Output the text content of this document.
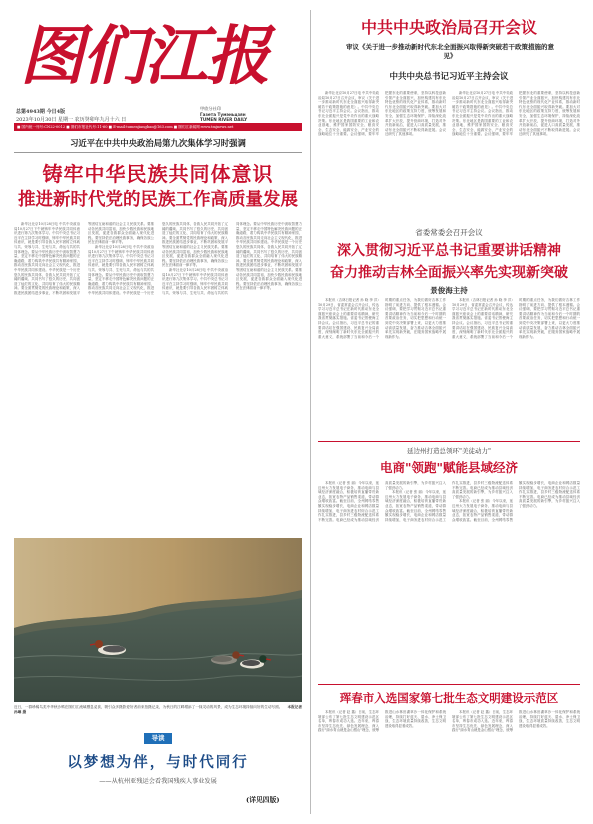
图们江报
总第4943期 今日4版
2023年10月30日 星期一 农历癸卯年九月十六 日
甲欣分社印
Газета Тумэньцзян
TUMEN RIVER DAILY
■ 国内统一刊号:CN22-0012 ■ 图们市报社代号:11-60 ■ E-mail:tumenjiangbao@163.com ■ 图们江新闻网:www.tmjnews.net
习近平在中共中央政治局第九次集体学习时强调
铸牢中华民族共同体意识
推进新时代党的民族工作高质量发展

新华社北京10月28日电 中共中央政治局10月27日下午就铸牢中华民族共同体意识进行第九次集体学习。中共中央总书记习近平在主持学习时强调，铸牢中华民族共同体意识，就是要引导各族人民牢固树立休戚与共、荣辱与共、生死与共、命运与共的共同体理念。要从中华民族历史中汲取智慧力量，坚定不移走中国特色解决民族问题的正确道路，着力构筑中华民族共有精神家园，推动各民族共同走向社会主义现代化，推进中华民族共同体建设。中华民族是一个历史悠久的民族共同体，各族人民共同开拓了辽阔的疆域、共同书写了悠久的历史、共同创造了灿烂的文化、共同培育了伟大的民族精神。要全面贯彻党的民族理论和政策，深入推进民族团结进步事业，不断巩固和发展平等团结互助和谐的社会主义民族关系。要推动各民族共同富裕，加快少数民族和民族地区发展，促进各族群众全面融入现代化进程。要坚持依法治理民族事务，确保各族公民在法律面前一律平等。

新华社北京10月28日电 中共中央政治局10月27日下午就铸牢中华民族共同体意识进行第九次集体学习。中共中央总书记习近平在主持学习时强调，铸牢中华民族共同体意识，就是要引导各族人民牢固树立休戚与共、荣辱与共、生死与共、命运与共的共同体理念。要从中华民族历史中汲取智慧力量，坚定不移走中国特色解决民族问题的正确道路，着力构筑中华民族共有精神家园，推动各民族共同走向社会主义现代化，推进中华民族共同体建设。中华民族是一个历史悠久的民族共同体，各族人民共同开拓了辽阔的疆域、共同书写了悠久的历史、共同创造了灿烂的文化、共同培育了伟大的民族精神。要全面贯彻党的民族理论和政策，深入推进民族团结进步事业，不断巩固和发展平等团结互助和谐的社会主义民族关系。要推动各民族共同富裕，加快少数民族和民族地区发展，促进各族群众全面融入现代化进程。要坚持依法治理民族事务，确保各族公民在法律面前一律平等。

新华社北京10月28日电 中共中央政治局10月27日下午就铸牢中华民族共同体意识进行第九次集体学习。中共中央总书记习近平在主持学习时强调，铸牢中华民族共同体意识，就是要引导各族人民牢固树立休戚与共、荣辱与共、生死与共、命运与共的共同体理念。要从中华民族历史中汲取智慧力量，坚定不移走中国特色解决民族问题的正确道路，着力构筑中华民族共有精神家园，推动各民族共同走向社会主义现代化，推进中华民族共同体建设。中华民族是一个历史悠久的民族共同体，各族人民共同开拓了辽阔的疆域、共同书写了悠久的历史、共同创造了灿烂的文化、共同培育了伟大的民族精神。要全面贯彻党的民族理论和政策，深入推进民族团结进步事业，不断巩固和发展平等团结互助和谐的社会主义民族关系。要推动各民族共同富裕，加快少数民族和民族地区发展，促进各族群众全面融入现代化进程。要坚持依法治理民族事务，确保各族公民在法律面前一律平等。

近日，一群珍稀鸟类中华秋沙鸭在图们江流域栖息觅食，吸引众多摄影爱好者前来拍摄记录，为秋日的江畔增添了一抹灵动的风景，成为生态环境持续向好的生动写照。 本报记者 孙琳 摄
导读
以梦想为伴，与时代同行
——从杭州亚残运会看我国残疾人事业发展
(详见四版)
中共中央政治局召开会议
审议《关于进一步推动新时代东北全面振兴取得新突破若干政策措施的意见》
中共中央总书记习近平主持会议

新华社北京10月27日电 中共中央政治局10月27日召开会议，审议《关于进一步推动新时代东北全面振兴取得新突破若干政策措施的意见》。中共中央总书记习近平主持会议。会议指出，推动东北全面振兴是党中央作出的重大战略决策。东北地区是我国重要的工业和农业基地，维护国家国防安全、粮食安全、生态安全、能源安全、产业安全的战略地位十分重要。会议强调，要牢牢把握东北的重要使命，坚持以科技创新引领产业全面振兴，加快构建具有东北特色优势的现代化产业体系，推动新时代东北全面振兴取得新突破。要加大对东北地区的政策支持力度，统筹发展和安全，加强生态环境保护，持续深化改革扩大开放，提升营商环境，打造对外开放新前沿，促进人口高质量发展，推动东北全面振兴不断取得新进展。会议还研究了其他事项。

新华社北京10月27日电 中共中央政治局10月27日召开会议，审议《关于进一步推动新时代东北全面振兴取得新突破若干政策措施的意见》。中共中央总书记习近平主持会议。会议指出，推动东北全面振兴是党中央作出的重大战略决策。东北地区是我国重要的工业和农业基地，维护国家国防安全、粮食安全、生态安全、能源安全、产业安全的战略地位十分重要。会议强调，要牢牢把握东北的重要使命，坚持以科技创新引领产业全面振兴，加快构建具有东北特色优势的现代化产业体系，推动新时代东北全面振兴取得新突破。要加大对东北地区的政策支持力度，统筹发展和安全，加强生态环境保护，持续深化改革扩大开放，提升营商环境，打造对外开放新前沿，促进人口高质量发展，推动东北全面振兴不断取得新进展。会议还研究了其他事项。

省委常委会召开会议
深入贯彻习近平总书记重要讲话精神
奋力推动吉林全面振兴率先实现新突破
景俊海主持

本报讯（吉林日报记者 孙 晓 李 洋）10月29日，省委常委会召开会议，传达学习习近平总书记在新时代推动东北全面振兴座谈会上的重要讲话精神，研究我省贯彻落实措施。省委书记景俊海主持会议。会议指出，习近平总书记的重要讲话站在强国建设、民族复兴全局高度，深刻阐明了新时代东北全面振兴的重大意义，系统部署了当前和今后一个时期的重点任务，为我们做好吉林工作指明了前进方向、提供了根本遵循。会议强调，要把学习贯彻习近平总书记重要讲话精神作为当前和今后一个时期的首要政治任务，切实把思想和行动统一到党中央决策部署上来，以更大力度推动高质量发展，奋力推动吉林全面振兴率先实现新突破，在服务国家战略中展现新作为。

本报讯（吉林日报记者 孙 晓 李 洋）10月29日，省委常委会召开会议，传达学习习近平总书记在新时代推动东北全面振兴座谈会上的重要讲话精神，研究我省贯彻落实措施。省委书记景俊海主持会议。会议指出，习近平总书记的重要讲话站在强国建设、民族复兴全局高度，深刻阐明了新时代东北全面振兴的重大意义，系统部署了当前和今后一个时期的重点任务，为我们做好吉林工作指明了前进方向、提供了根本遵循。会议强调，要把学习贯彻习近平总书记重要讲话精神作为当前和今后一个时期的首要政治任务，切实把思想和行动统一到党中央决策部署上来，以更大力度推动高质量发展，奋力推动吉林全面振兴率先实现新突破，在服务国家战略中展现新作为。

延边州打造总领环"美徒动力"
电商"领跑"赋能县域经济

本报讯（记者 张 丽）今年以来，延边州大力发展电子商务，推动电商与县域经济深度融合，积极培育直播带货新业态，拓宽农特产品销售渠道，带动群众增收致富。截至目前，全州网络零售额实现稳步增长，电商企业和网店数量持续增加，电子商务进农村综合示范工作扎实推进，县乡村三级物流配送体系不断完善。电商已经成为推动县域经济高质量发展的新引擎，为乡村振兴注入了强劲动力。

本报讯（记者 张 丽）今年以来，延边州大力发展电子商务，推动电商与县域经济深度融合，积极培育直播带货新业态，拓宽农特产品销售渠道，带动群众增收致富。截至目前，全州网络零售额实现稳步增长，电商企业和网店数量持续增加，电子商务进农村综合示范工作扎实推进，县乡村三级物流配送体系不断完善。电商已经成为推动县域经济高质量发展的新引擎，为乡村振兴注入了强劲动力。

本报讯（记者 张 丽）今年以来，延边州大力发展电子商务，推动电商与县域经济深度融合，积极培育直播带货新业态，拓宽农特产品销售渠道，带动群众增收致富。截至目前，全州网络零售额实现稳步增长，电商企业和网店数量持续增加，电子商务进农村综合示范工作扎实推进，县乡村三级物流配送体系不断完善。电商已经成为推动县域经济高质量发展的新引擎，为乡村振兴注入了强劲动力。

珲春市入选国家第七批生态文明建设示范区

本报讯（记者 赵 鑫）日前，生态环境部公布了第七批生态文明建设示范区名单，珲春市成功入选。近年来，珲春市坚持生态优先、绿色发展理念，深入践行"绿水青山就是金山银山"理念，统筹推进山水林田湖草沙一体化保护和系统治理，持续打好蓝天、碧水、净土保卫战，生态环境质量持续改善，生态文明建设取得显著成效。

本报讯（记者 赵 鑫）日前，生态环境部公布了第七批生态文明建设示范区名单，珲春市成功入选。近年来，珲春市坚持生态优先、绿色发展理念，深入践行"绿水青山就是金山银山"理念，统筹推进山水林田湖草沙一体化保护和系统治理，持续打好蓝天、碧水、净土保卫战，生态环境质量持续改善，生态文明建设取得显著成效。
